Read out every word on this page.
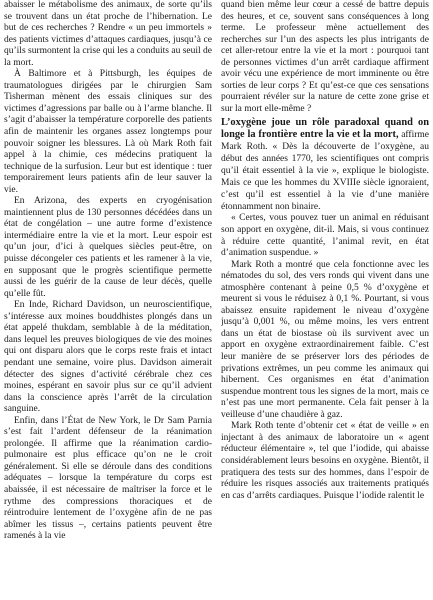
abaisser le métabolisme des animaux, de sorte qu’ils se trouvent dans un état proche de l’hibernation. Le but de ces recherches ? Rendre « un peu immortels » des patients victimes d’attaques cardiaques, jusqu’à ce qu’ils surmontent la crise qui les a conduits au seuil de la mort.

À Baltimore et à Pittsburgh, les équipes de traumatologues dirigées par le chirurgien Sam Tisherman mènent des essais cliniques sur des victimes d’agressions par balle ou à l’arme blanche. Il s’agit d’abaisser la température corporelle des patients afin de maintenir les organes assez longtemps pour pouvoir soigner les blessures. Là où Mark Roth fait appel à la chimie, ces médecins pratiquent la technique de la surfusion. Leur but est identique : tuer temporairement leurs patients afin de leur sauver la vie.

En Arizona, des experts en cryogénisation maintiennent plus de 130 personnes décédées dans un état de congélation – une autre forme d’existence intermédiaire entre la vie et la mort. Leur espoir est qu’un jour, d’ici à quelques siècles peut-être, on puisse décongeler ces patients et les ramener à la vie, en supposant que le progrès scientifique permette aussi de les guérir de la cause de leur décès, quelle qu’elle fût.

En Inde, Richard Davidson, un neuroscientifique, s’intéresse aux moines bouddhistes plongés dans un état appelé thukdam, semblable à de la méditation, dans lequel les preuves biologiques de vie des moines qui ont disparu alors que le corps reste frais et intact pendant une semaine, voire plus. Davidson aimerait détecter des signes d’activité cérébrale chez ces moines, espérant en savoir plus sur ce qu’il advient dans la conscience après l’arrêt de la circulation sanguine.

Enfin, dans l’État de New York, le Dr Sam Parnia s’est fait l’ardent défenseur de la réanimation prolongée. Il affirme que la réanimation cardio-pulmonaire est plus efficace qu’on ne le croit généralement. Si elle se déroule dans des conditions adéquates – lorsque la température du corps est abaissée, il est nécessaire de maîtriser la force et le rythme des compressions thoraciques et de réintroduire lentement de l’oxygène afin de ne pas abîmer les tissus –, certains patients peuvent être ramenés à la vie

quand bien même leur cœur a cessé de battre depuis des heures, et ce, souvent sans conséquences à long terme. Le professeur mène actuellement des recherches sur l’un des aspects les plus intrigants de cet aller-retour entre la vie et la mort : pourquoi tant de personnes victimes d’un arrêt cardiaque affirment avoir vécu une expérience de mort imminente ou être sorties de leur corps ? Et qu’est-ce que ces sensations pourraient révéler sur la nature de cette zone grise et sur la mort elle-même ?

L’oxygène joue un rôle paradoxal quand on longe la frontière entre la vie et la mort, affirme Mark Roth. « Dès la découverte de l’oxygène, au début des années 1770, les scientifiques ont compris qu’il était essentiel à la vie », explique le biologiste. Mais ce que les hommes du XVIIIe siècle ignoraient, c’est qu’il est essentiel à la vie d’une manière étonnamment non binaire.

« Certes, vous pouvez tuer un animal en réduisant son apport en oxygène, dit-il. Mais, si vous continuez à réduire cette quantité, l’animal revit, en état d’animation suspendue. »

Mark Roth a montré que cela fonctionne avec les nématodes du sol, des vers ronds qui vivent dans une atmosphère contenant à peine 0,5 % d’oxygène et meurent si vous le réduisez à 0,1 %. Pourtant, si vous abaissez ensuite rapidement le niveau d’oxygène jusqu’à 0,001 %, ou même moins, les vers entrent dans un état de biostase où ils survivent avec un apport en oxygène extraordinairement faible. C’est leur manière de se préserver lors des périodes de privations extrêmes, un peu comme les animaux qui hibernent. Ces organismes en état d’animation suspendue montrent tous les signes de la mort, mais ce n’est pas une mort permanente. Cela fait penser à la veilleuse d’une chaudière à gaz.

Mark Roth tente d’obtenir cet « état de veille » en injectant à des animaux de laboratoire un « agent réducteur élémentaire », tel que l’iodide, qui abaisse considérablement leurs besoins en oxygène. Bientôt, il pratiquera des tests sur des hommes, dans l’espoir de réduire les risques associés aux traitements pratiqués en cas d’arrêts cardiaques. Puisque l’iodide ralentit le
